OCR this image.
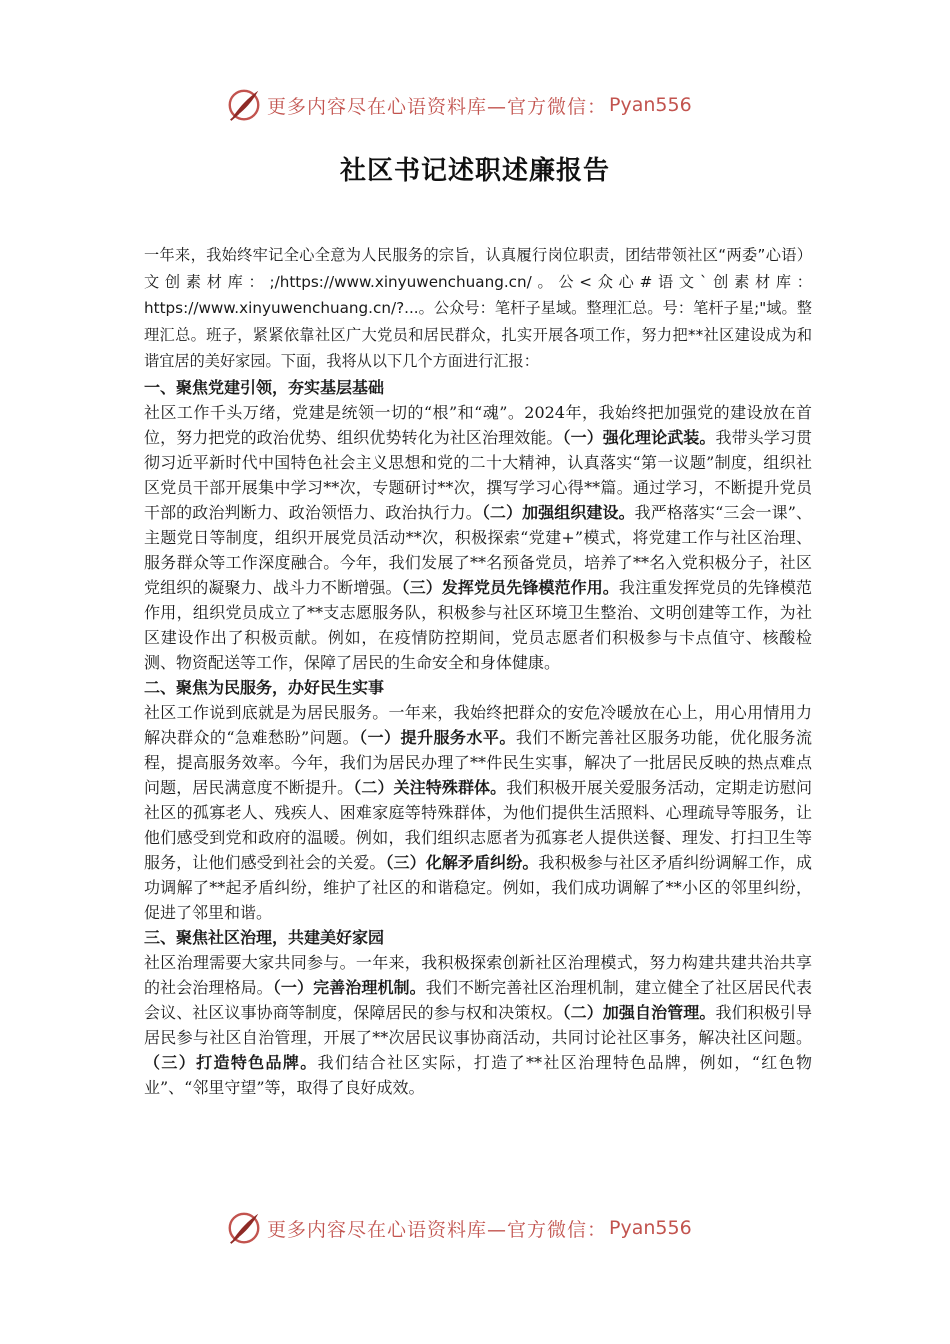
更多内容尽在心语资料库—官方微信： Pyan556
社区书记述职述廉报告

一年来，我始终牢记全心全意为人民服务的宗旨，认真履行岗位职责，团结带领社区“两委”心语）文创素材库：;/https://www.xinyuwenchuang.cn/。公<众心#语文`创素材库：https://www.xinyuwenchuang.cn/?...。公众号：笔杆子星域。整理汇总。号：笔杆子星;"域。整理汇总。班子，紧紧依靠社区广大党员和居民群众，扎实开展各项工作，努力把**社区建设成为和谐宜居的美好家园。下面，我将从以下几个方面进行汇报：

一、聚焦党建引领，夯实基层基础

社区工作千头万绪，党建是统领一切的“根”和“魂”。2024年，我始终把加强党的建设放在首位，努力把党的政治优势、组织优势转化为社区治理效能。（一）强化理论武装。我带头学习贯彻习近平新时代中国特色社会主义思想和党的二十大精神，认真落实“第一议题”制度，组织社区党员干部开展集中学习**次，专题研讨**次，撰写学习心得**篇。通过学习，不断提升党员干部的政治判断力、政治领悟力、政治执行力。（二）加强组织建设。我严格落实“三会一课”、主题党日等制度，组织开展党员活动**次，积极探索“党建+”模式，将党建工作与社区治理、服务群众等工作深度融合。今年，我们发展了**名预备党员，培养了**名入党积极分子，社区党组织的凝聚力、战斗力不断增强。（三）发挥党员先锋模范作用。我注重发挥党员的先锋模范作用，组织党员成立了**支志愿服务队，积极参与社区环境卫生整治、文明创建等工作，为社区建设作出了积极贡献。例如，在疫情防控期间，党员志愿者们积极参与卡点值守、核酸检测、物资配送等工作，保障了居民的生命安全和身体健康。

二、聚焦为民服务，办好民生实事

社区工作说到底就是为居民服务。一年来，我始终把群众的安危冷暖放在心上，用心用情用力解决群众的“急难愁盼”问题。（一）提升服务水平。我们不断完善社区服务功能，优化服务流程，提高服务效率。今年，我们为居民办理了**件民生实事，解决了一批居民反映的热点难点问题，居民满意度不断提升。（二）关注特殊群体。我们积极开展关爱服务活动，定期走访慰问社区的孤寡老人、残疾人、困难家庭等特殊群体，为他们提供生活照料、心理疏导等服务，让他们感受到党和政府的温暖。例如，我们组织志愿者为孤寡老人提供送餐、理发、打扫卫生等服务，让他们感受到社会的关爱。（三）化解矛盾纠纷。我积极参与社区矛盾纠纷调解工作，成功调解了**起矛盾纠纷，维护了社区的和谐稳定。例如，我们成功调解了**小区的邻里纠纷，促进了邻里和谐。

三、聚焦社区治理，共建美好家园

社区治理需要大家共同参与。一年来，我积极探索创新社区治理模式，努力构建共建共治共享的社会治理格局。（一）完善治理机制。我们不断完善社区治理机制，建立健全了社区居民代表会议、社区议事协商等制度，保障居民的参与权和决策权。（二）加强自治管理。我们积极引导居民参与社区自治管理，开展了**次居民议事协商活动，共同讨论社区事务，解决社区问题。（三）打造特色品牌。我们结合社区实际，打造了**社区治理特色品牌，例如，“红色物业”、“邻里守望”等，取得了良好成效。

更多内容尽在心语资料库—官方微信： Pyan556
